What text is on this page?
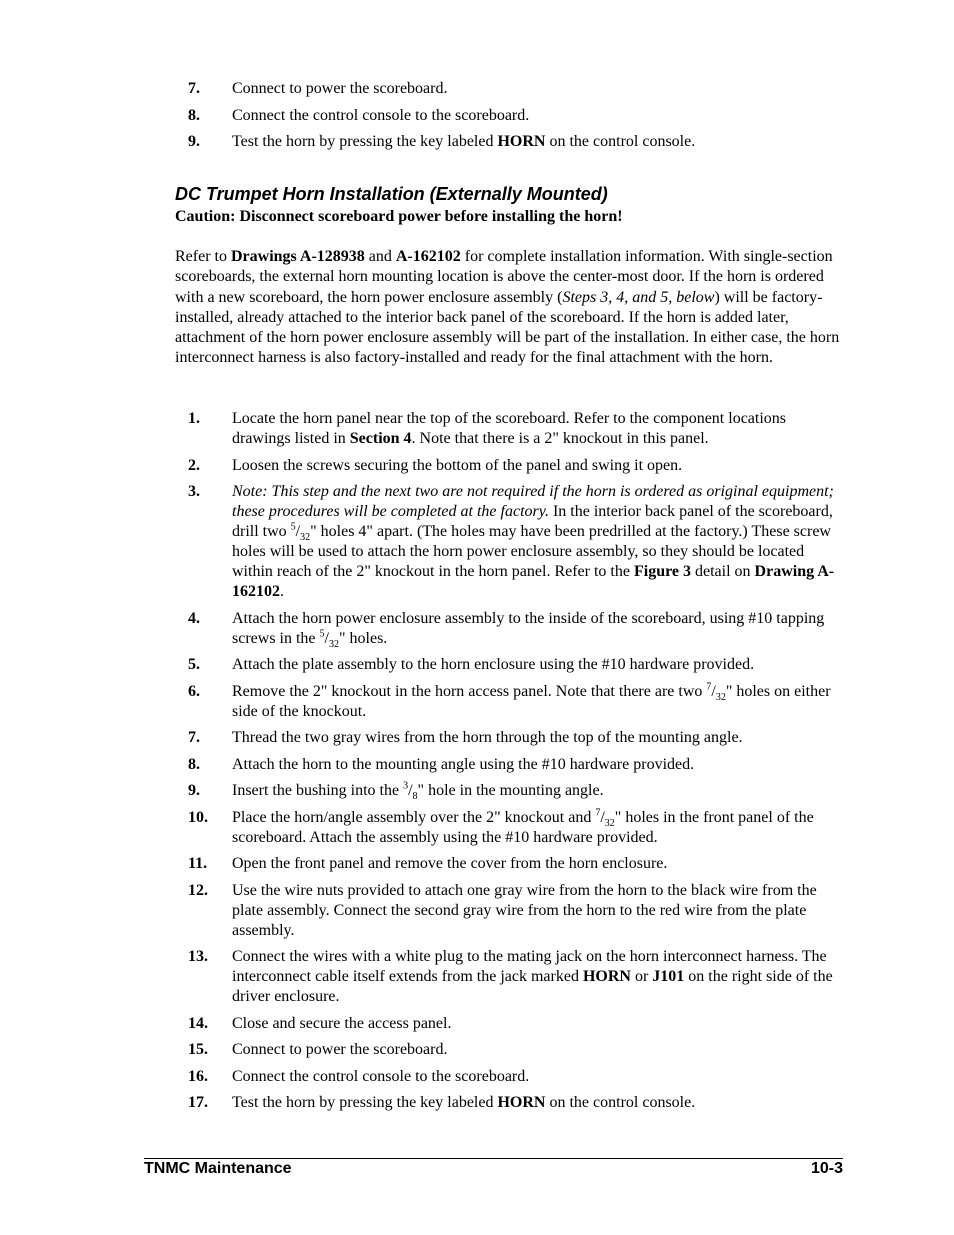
7.	Connect to power the scoreboard.
8.	Connect the control console to the scoreboard.
9.	Test the horn by pressing the key labeled HORN on the control console.
DC Trumpet Horn Installation (Externally Mounted)

Caution: Disconnect scoreboard power before installing the horn!

Refer to Drawings A-128938 and A-162102 for complete installation information. With single-section scoreboards, the external horn mounting location is above the center-most door. If the horn is ordered with a new scoreboard, the horn power enclosure assembly (Steps 3, 4, and 5, below) will be factory-installed, already attached to the interior back panel of the scoreboard. If the horn is added later, attachment of the horn power enclosure assembly will be part of the installation. In either case, the horn interconnect harness is also factory-installed and ready for the final attachment with the horn.

1.	Locate the horn panel near the top of the scoreboard. Refer to the component locations drawings listed in Section 4. Note that there is a 2" knockout in this panel.
2.	Loosen the screws securing the bottom of the panel and swing it open.
3.	Note: This step and the next two are not required if the horn is ordered as original equipment; these procedures will be completed at the factory. In the interior back panel of the scoreboard, drill two $^5/_{32}$" holes 4" apart. (The holes may have been predrilled at the factory.) These screw holes will be used to attach the horn power enclosure assembly, so they should be located within reach of the 2" knockout in the horn panel. Refer to the Figure 3 detail on Drawing A-162102.
4.	Attach the horn power enclosure assembly to the inside of the scoreboard, using #10 tapping screws in the $^5/_{32}$" holes.
5.	Attach the plate assembly to the horn enclosure using the #10 hardware provided.
6.	Remove the 2" knockout in the horn access panel. Note that there are two $^7/_{32}$" holes on either side of the knockout.
7.	Thread the two gray wires from the horn through the top of the mounting angle.
8.	Attach the horn to the mounting angle using the #10 hardware provided.
9.	Insert the bushing into the $^3/_8$" hole in the mounting angle.
10.	Place the horn/angle assembly over the 2" knockout and $^7/_{32}$" holes in the front panel of the scoreboard. Attach the assembly using the #10 hardware provided.
11.	Open the front panel and remove the cover from the horn enclosure.
12.	Use the wire nuts provided to attach one gray wire from the horn to the black wire from the plate assembly. Connect the second gray wire from the horn to the red wire from the plate assembly.
13.	Connect the wires with a white plug to the mating jack on the horn interconnect harness. The interconnect cable itself extends from the jack marked HORN or J101 on the right side of the driver enclosure.
14.	Close and secure the access panel.
15.	Connect to power the scoreboard.
16.	Connect the control console to the scoreboard.
17.	Test the horn by pressing the key labeled HORN on the control console.
TNMC Maintenance	10-3
